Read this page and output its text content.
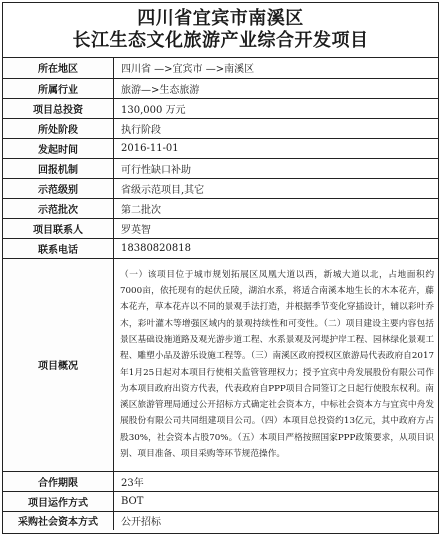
四川省宜宾市南溪区
长江生态文化旅游产业综合开发项目
所在地区	四川省 —>宜宾市 —>南溪区
所属行业	旅游—>生态旅游
项目总投资	130,000 万元
所处阶段	执行阶段
发起时间	2016-11-01
回报机制	可行性缺口补助
示范级别	省级示范项目,其它
示范批次	第二批次
项目联系人	罗英智
联系电话	18380820818
项目概况	（一）该项目位于城市规划拓展区凤凰大道以西，新城大道以北，占地面积约7000亩，依托现有的起伏丘陵，湖泊水系，将适合南溪本地生长的木本花卉，藤本花卉，草本花卉以不同的景观手法打造，并根据季节变化穿插设计，辅以彩叶乔木，彩叶灌木等增强区域内的景观持续性和可变性。（二）项目建设主要内容包括景区基础设施道路及观光游步道工程、水系景观及河堤护岸工程、园林绿化景观工程、雕塑小品及游乐设施工程等。（三）南溪区政府授权区旅游局代表政府自2017年1月25日起对本项目行使相关监管管理权力；授予宜宾中舟发展股份有限公司作为本项目政府出资方代表，代表政府自PPP项目合同签订之日起行使股东权利。南溪区旅游管理局通过公开招标方式确定社会资本方，中标社会资本方与宜宾中舟发展股份有限公司共同组建项目公司。（四）本项目总投资约13亿元，其中政府方占股30%，社会资本占股70%。（五）本项目严格按照国家PPP政策要求，从项目识别、项目准备、项目采购等环节规范操作。
合作期限	23年
项目运作方式	BOT
采购社会资本方式	公开招标
